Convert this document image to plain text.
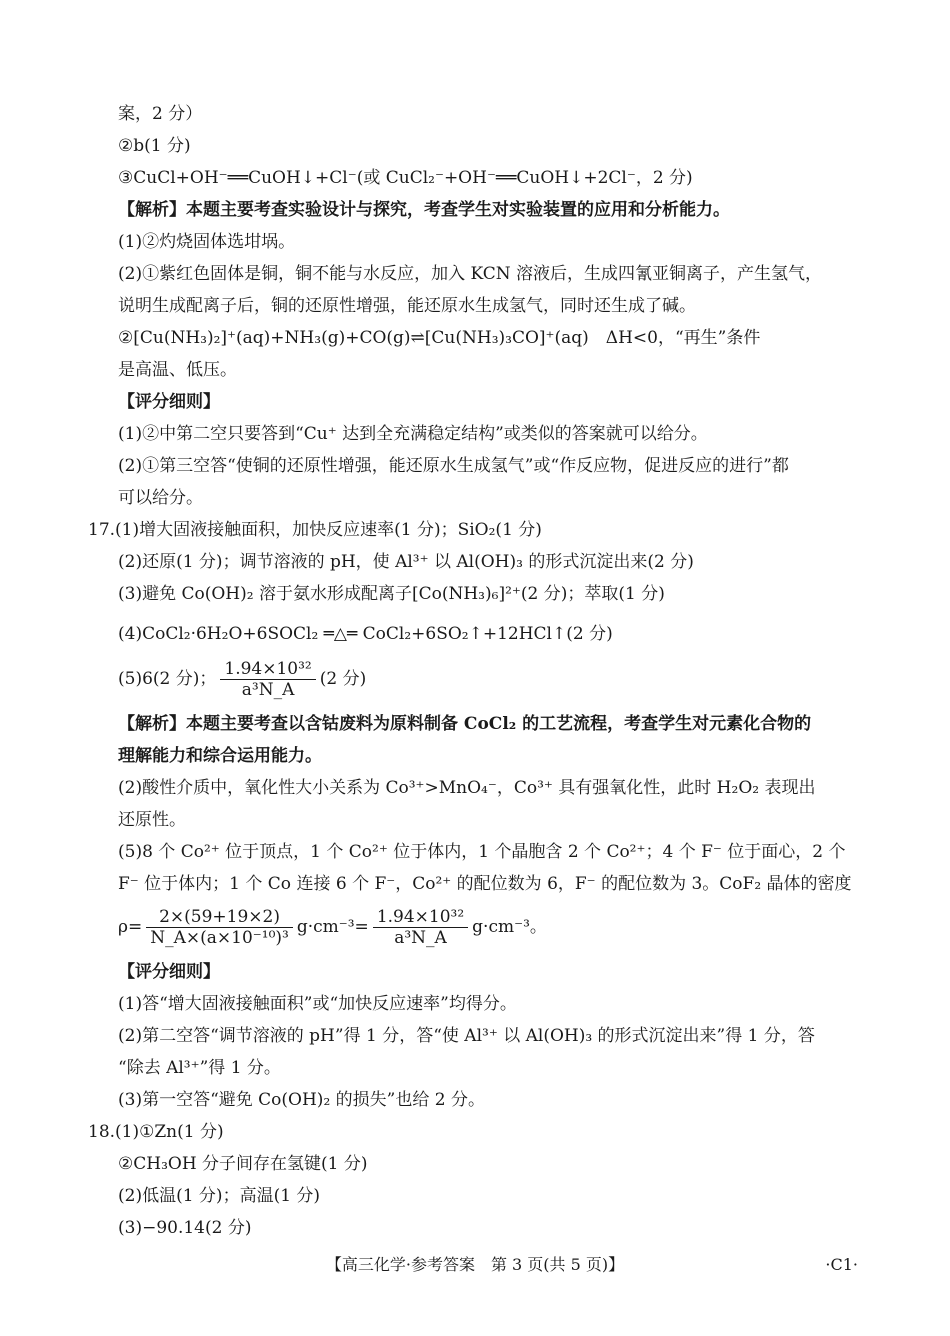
案，2 分）
②b(1 分)
③CuCl+OH⁻══CuOH↓+Cl⁻(或 CuCl₂⁻+OH⁻══CuOH↓+2Cl⁻，2 分)
【解析】本题主要考查实验设计与探究，考查学生对实验装置的应用和分析能力。
(1)②灼烧固体选坩埚。
(2)①紫红色固体是铜，铜不能与水反应，加入 KCN 溶液后，生成四氰亚铜离子，产生氢气，
说明生成配离子后，铜的还原性增强，能还原水生成氢气，同时还生成了碱。
②[Cu(NH₃)₂]⁺(aq)+NH₃(g)+CO(g)⇌[Cu(NH₃)₃CO]⁺(aq)　ΔH<0，“再生”条件
是高温、低压。
【评分细则】
(1)②中第二空只要答到“Cu⁺ 达到全充满稳定结构”或类似的答案就可以给分。
(2)①第三空答“使铜的还原性增强，能还原水生成氢气”或“作反应物，促进反应的进行”都
可以给分。
17.(1)增大固液接触面积，加快反应速率(1 分)；SiO₂(1 分)
(2)还原(1 分)；调节溶液的 pH，使 Al³⁺ 以 Al(OH)₃ 的形式沉淀出来(2 分)
(3)避免 Co(OH)₂ 溶于氨水形成配离子[Co(NH₃)₆]²⁺(2 分)；萃取(1 分)
(4)CoCl₂·6H₂O+6SOCl₂ ═△═ CoCl₂+6SO₂↑+12HCl↑(2 分)
(5)6(2 分)； $\frac{\text{1.94×10³²}}{\text{a³N\_A}} (2$ 分)
【解析】本题主要考查以含钴废料为原料制备 CoCl₂ 的工艺流程，考查学生对元素化合物的
理解能力和综合运用能力。
(2)酸性介质中，氧化性大小关系为 Co³⁺>MnO₄⁻，Co³⁺ 具有强氧化性，此时 H₂O₂ 表现出
还原性。
(5)8 个 Co²⁺ 位于顶点，1 个 Co²⁺ 位于体内，1 个晶胞含 2 个 Co²⁺；4 个 F⁻ 位于面心，2 个
F⁻ 位于体内；1 个 Co 连接 6 个 F⁻，Co²⁺ 的配位数为 6，F⁻ 的配位数为 3。CoF₂ 晶体的密度
$\rho= \frac{2\times(59+19\times 2)}{\text{N\_A×(a×10⁻¹⁰)³}} g\cdot cm^{-3}= \frac{\text{1.94×10³²}}{\text{a³N\_A}} g\cdot cm^{-3}$。
【评分细则】
(1)答“增大固液接触面积”或“加快反应速率”均得分。
(2)第二空答“调节溶液的 pH”得 1 分，答“使 Al³⁺ 以 Al(OH)₃ 的形式沉淀出来”得 1 分，答
“除去 Al³⁺”得 1 分。
(3)第一空答“避免 Co(OH)₂ 的损失”也给 2 分。
18.(1)①Zn(1 分)
②CH₃OH 分子间存在氢键(1 分)
(2)低温(1 分)；高温(1 分)
(3)−90.14(2 分)
【高三化学·参考答案　第 3 页(共 5 页)】	·C1·
